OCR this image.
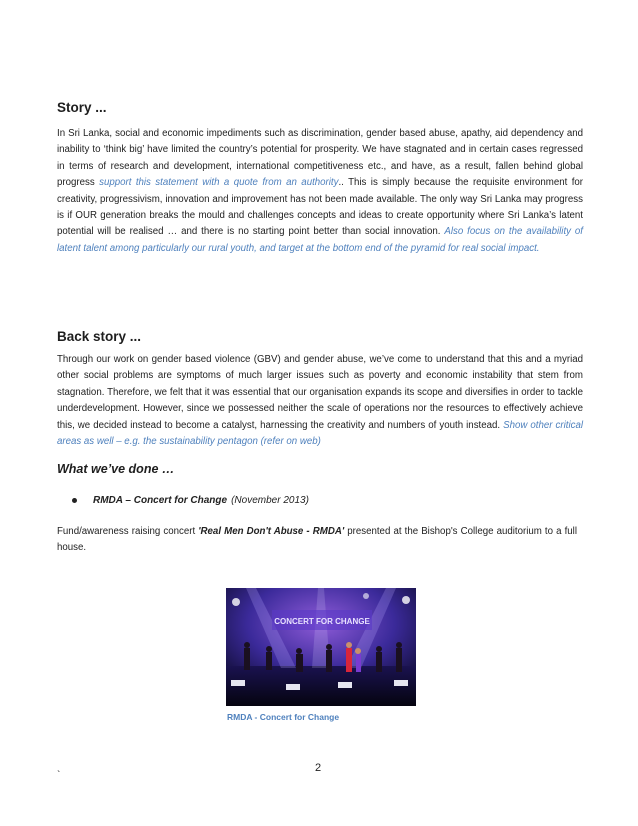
Story ...

In Sri Lanka, social and economic impediments such as discrimination, gender based abuse, apathy, aid dependency and inability to ‘think big’ have limited the country’s potential for prosperity. We have stagnated and in certain cases regressed in terms of research and development, international competitiveness etc., and have, as a result, fallen behind global progress support this statement with a quote from an authority.. This is simply because the requisite environment for creativity, progressivism, innovation and improvement has not been made available. The only way Sri Lanka may progress is if OUR generation breaks the mould and challenges concepts and ideas to create opportunity where Sri Lanka’s latent potential will be realised … and there is no starting point better than social innovation. Also focus on the availability of latent talent among particularly our rural youth, and target at the bottom end of the pyramid for real social impact.

Back story ...

Through our work on gender based violence (GBV) and gender abuse, we’ve come to understand that this and a myriad other social problems are symptoms of much larger issues such as poverty and economic instability that stem from stagnation. Therefore, we felt that it was essential that our organisation expands its scope and diversifies in order to tackle underdevelopment. However, since we possessed neither the scale of operations nor the resources to effectively achieve this, we decided instead to become a catalyst, harnessing the creativity and numbers of youth instead. Show other critical areas as well – e.g. the sustainability pentagon (refer on web)

What we’ve done …
RMDA – Concert for Change (November 2013)

Fund/awareness raising concert 'Real Men Don't Abuse - RMDA' presented at the Bishop's College auditorium to a full house.

CONCERT FOR CHANGE
RMDA - Concert for Change
2
`
